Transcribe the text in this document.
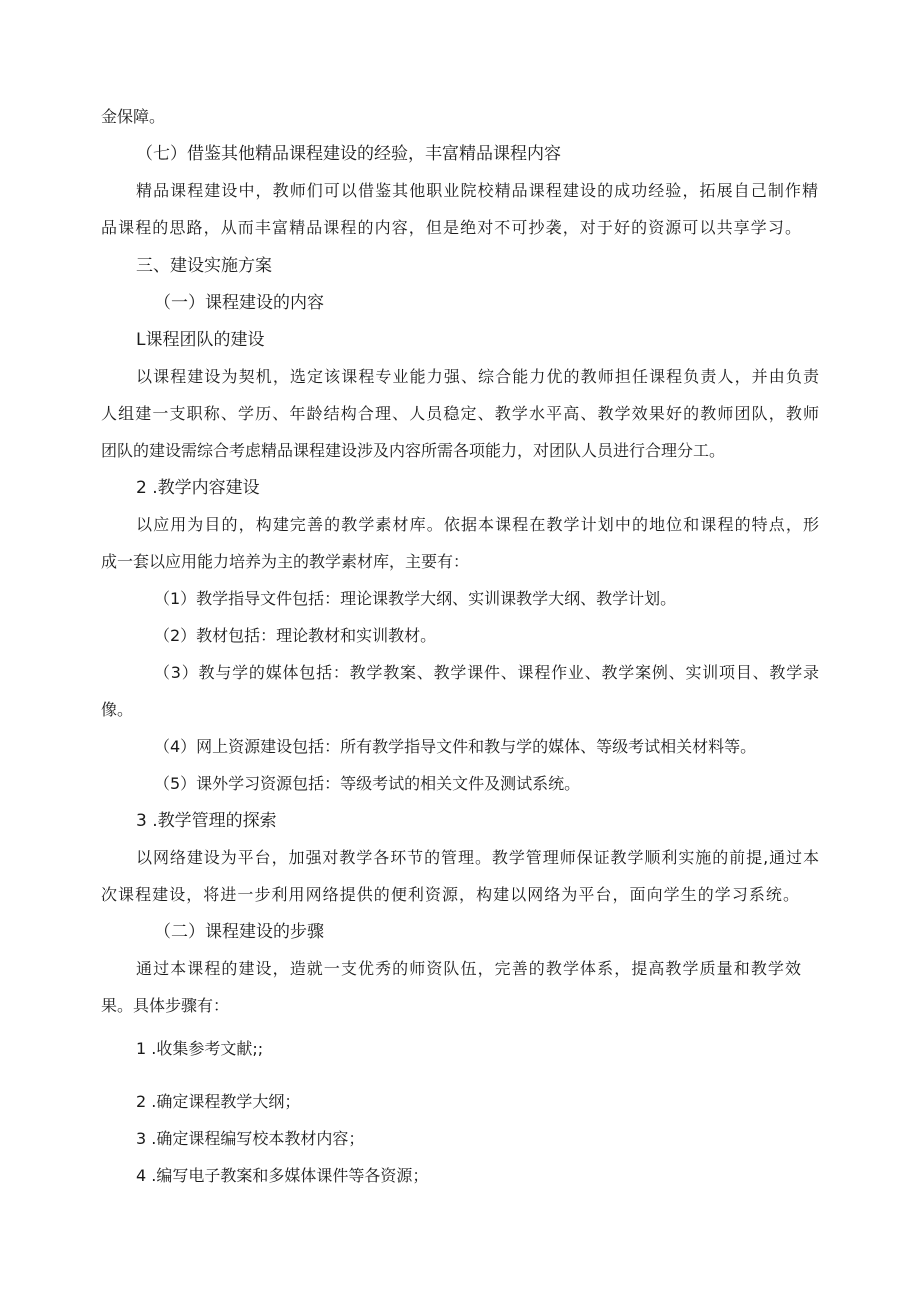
金保障。
（七）借鉴其他精品课程建设的经验，丰富精品课程内容
精品课程建设中，教师们可以借鉴其他职业院校精品课程建设的成功经验，拓展自己制作精
品课程的思路，从而丰富精品课程的内容，但是绝对不可抄袭，对于好的资源可以共享学习。
三、建设实施方案
（一）课程建设的内容
L课程团队的建设
以课程建设为契机，选定该课程专业能力强、综合能力优的教师担任课程负责人，并由负责
人组建一支职称、学历、年龄结构合理、人员稳定、教学水平高、教学效果好的教师团队，教师
团队的建设需综合考虑精品课程建设涉及内容所需各项能力，对团队人员进行合理分工。
2 .教学内容建设
以应用为目的，构建完善的教学素材库。依据本课程在教学计划中的地位和课程的特点，形
成一套以应用能力培养为主的教学素材库，主要有：
（1）教学指导文件包括：理论课教学大纲、实训课教学大纲、教学计划。
（2）教材包括：理论教材和实训教材。
（3）教与学的媒体包括：教学教案、教学课件、课程作业、教学案例、实训项目、教学录
像。
（4）网上资源建设包括：所有教学指导文件和教与学的媒体、等级考试相关材料等。
（5）课外学习资源包括：等级考试的相关文件及测试系统。
3 .教学管理的探索
以网络建设为平台，加强对教学各环节的管理。教学管理师保证教学顺利实施的前提,通过本
次课程建设，将进一步利用网络提供的便利资源，构建以网络为平台，面向学生的学习系统。
（二）课程建设的步骤
通过本课程的建设，造就一支优秀的师资队伍，完善的教学体系，提高教学质量和教学效
果。具体步骤有：
1 .收集参考文献;;
2 .确定课程教学大纲；
3 .确定课程编写校本教材内容；
4 .编写电子教案和多媒体课件等各资源；
